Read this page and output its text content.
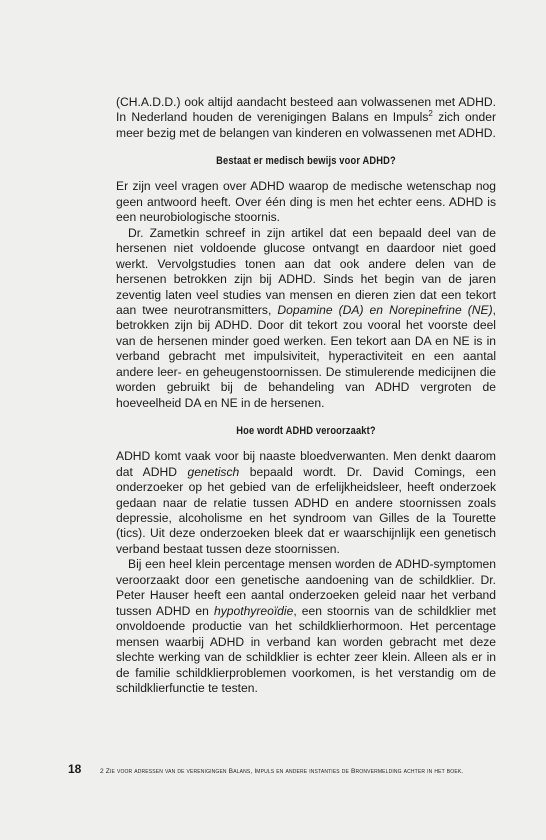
(CH.A.D.D.) ook altijd aandacht besteed aan volwassenen met ADHD. In Nederland houden de verenigingen Balans en Impuls$^2$ zich onder meer bezig met de belangen van kinderen en volwassenen met ADHD.

Bestaat er medisch bewijs voor ADHD?

Er zijn veel vragen over ADHD waarop de medische wetenschap nog geen antwoord heeft. Over één ding is men het echter eens. ADHD is een neurobiologische stoornis.

Dr. Zametkin schreef in zijn artikel dat een bepaald deel van de hersenen niet voldoende glucose ontvangt en daardoor niet goed werkt. Vervolgstudies tonen aan dat ook andere delen van de hersenen betrokken zijn bij ADHD. Sinds het begin van de jaren zeventig laten veel studies van mensen en dieren zien dat een tekort aan twee neurotransmitters, Dopamine (DA) en Norepinefrine (NE), betrokken zijn bij ADHD. Door dit tekort zou vooral het voorste deel van de hersenen minder goed werken. Een tekort aan DA en NE is in verband gebracht met impulsiviteit, hyperactiviteit en een aantal andere leer- en geheugenstoornissen. De stimulerende medicijnen die worden gebruikt bij de behandeling van ADHD vergroten de hoeveelheid DA en NE in de hersenen.

Hoe wordt ADHD veroorzaakt?

ADHD komt vaak voor bij naaste bloedverwanten. Men denkt daarom dat ADHD genetisch bepaald wordt. Dr. David Comings, een onderzoeker op het gebied van de erfelijkheidsleer, heeft onderzoek gedaan naar de relatie tussen ADHD en andere stoornissen zoals depressie, alcoholisme en het syndroom van Gilles de la Tourette (tics). Uit deze onderzoeken bleek dat er waarschijnlijk een genetisch verband bestaat tussen deze stoornissen.

Bij een heel klein percentage mensen worden de ADHD-symptomen veroorzaakt door een genetische aandoening van de schildklier. Dr. Peter Hauser heeft een aantal onderzoeken geleid naar het verband tussen ADHD en hypothyreoïdie, een stoornis van de schildklier met onvoldoende productie van het schildklierhormoon. Het percentage mensen waarbij ADHD in verband kan worden gebracht met deze slechte werking van de schildklier is echter zeer klein. Alleen als er in de familie schildklierproblemen voorkomen, is het verstandig om de schildklierfunctie te testen.

18	2 Zie voor adressen van de verenigingen Balans, Impuls en andere instanties de Bronvermelding achter in het boek.
